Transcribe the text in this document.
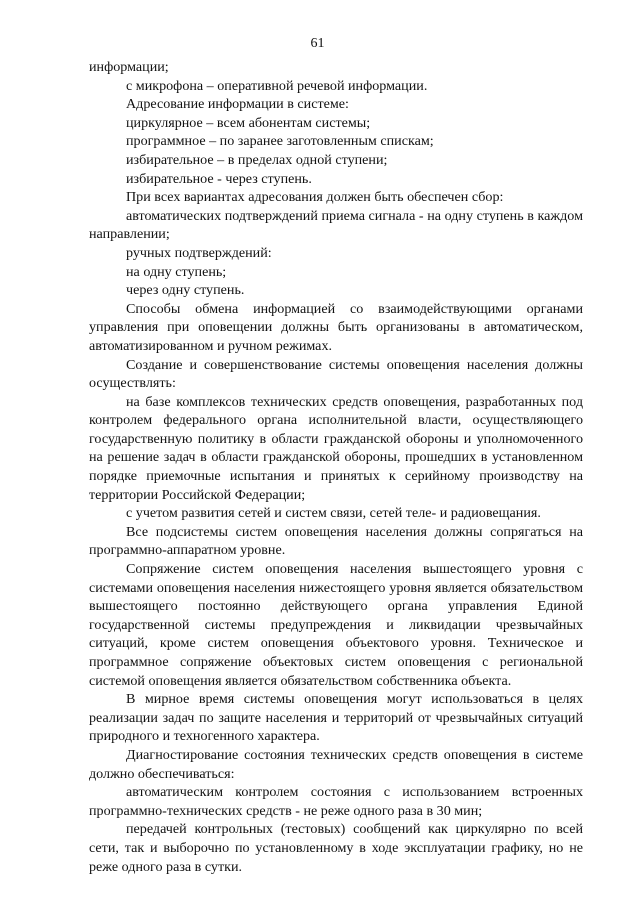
61

информации;

с микрофона – оперативной речевой информации.

Адресование информации в системе:

циркулярное – всем абонентам системы;

программное – по заранее заготовленным спискам;

избирательное – в пределах одной ступени;

избирательное - через ступень.

При всех вариантах адресования должен быть обеспечен сбор:

автоматических подтверждений приема сигнала - на одну ступень в каждом направлении;

ручных подтверждений:

на одну ступень;

через одну ступень.

Способы обмена информацией со взаимодействующими органами управления при оповещении должны быть организованы в автоматическом, автоматизированном и ручном режимах.

Создание и совершенствование системы оповещения населения должны осуществлять:

на базе комплексов технических средств оповещения, разработанных под контролем федерального органа исполнительной власти, осуществляющего государственную политику в области гражданской обороны и уполномоченного на решение задач в области гражданской обороны, прошедших в установленном порядке приемочные испытания и принятых к серийному производству на территории Российской Федерации;

с учетом развития сетей и систем связи, сетей теле- и радиовещания.

Все подсистемы систем оповещения населения должны сопрягаться на программно-аппаратном уровне.

Сопряжение систем оповещения населения вышестоящего уровня с системами оповещения населения нижестоящего уровня является обязательством вышестоящего постоянно действующего органа управления Единой государственной системы предупреждения и ликвидации чрезвычайных ситуаций, кроме систем оповещения объектового уровня. Техническое и программное сопряжение объектовых систем оповещения с региональной системой оповещения является обязательством собственника объекта.

В мирное время системы оповещения могут использоваться в целях реализации задач по защите населения и территорий от чрезвычайных ситуаций природного и техногенного характера.

Диагностирование состояния технических средств оповещения в системе должно обеспечиваться:

автоматическим контролем состояния с использованием встроенных программно-технических средств - не реже одного раза в 30 мин;

передачей контрольных (тестовых) сообщений как циркулярно по всей сети, так и выборочно по установленному в ходе эксплуатации графику, но не реже одного раза в сутки.
